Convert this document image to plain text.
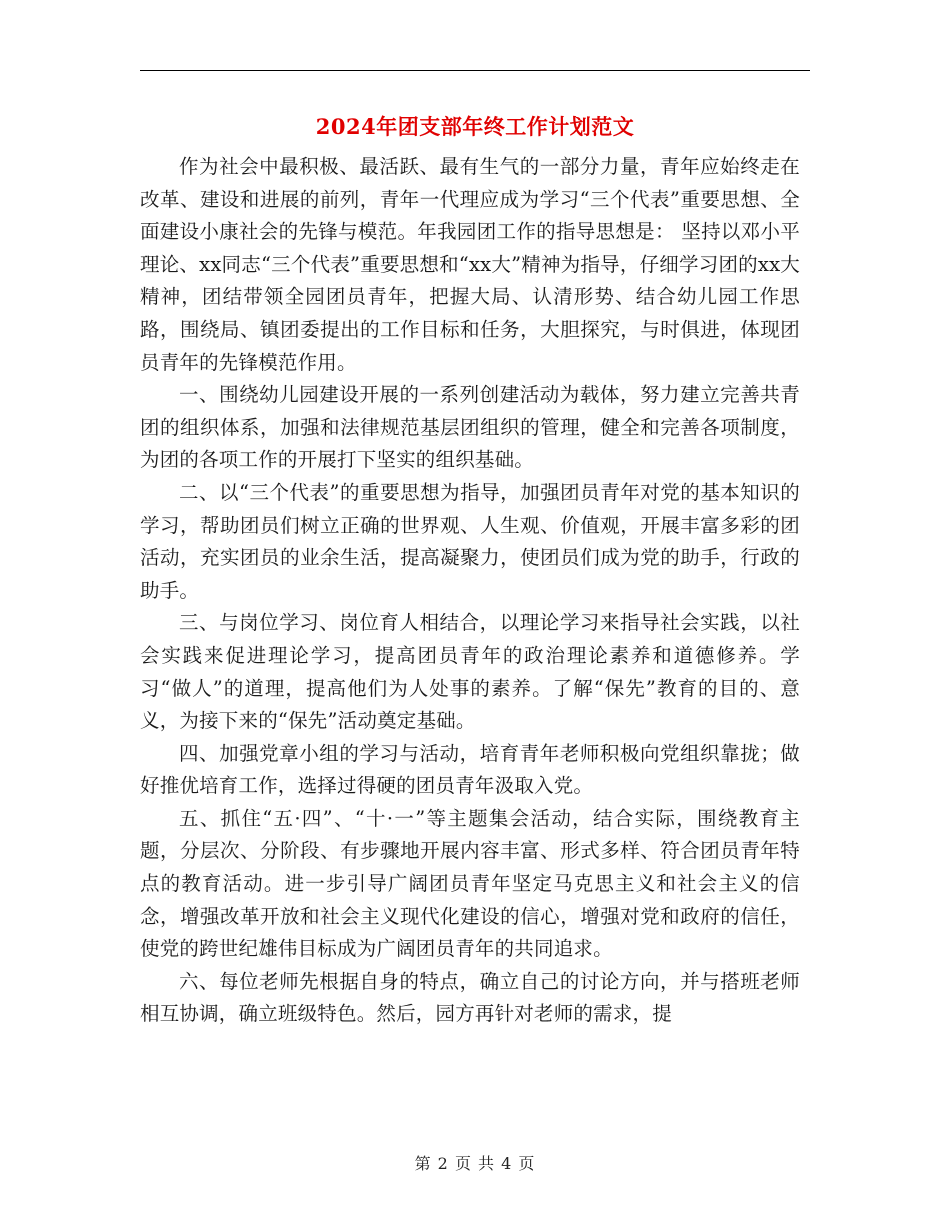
2024年团支部年终工作计划范文

作为社会中最积极、最活跃、最有生气的一部分力量，青年应始终走在改革、建设和进展的前列，青年一代理应成为学习“三个代表”重要思想、全面建设小康社会的先锋与模范。年我园团工作的指导思想是： 坚持以邓小平理论、xx同志“三个代表”重要思想和“xx大”精神为指导，仔细学习团的xx大精神，团结带领全园团员青年，把握大局、认清形势、结合幼儿园工作思路，围绕局、镇团委提出的工作目标和任务，大胆探究，与时俱进，体现团员青年的先锋模范作用。

一、围绕幼儿园建设开展的一系列创建活动为载体，努力建立完善共青团的组织体系，加强和法律规范基层团组织的管理，健全和完善各项制度，为团的各项工作的开展打下坚实的组织基础。

二、以“三个代表”的重要思想为指导，加强团员青年对党的基本知识的学习，帮助团员们树立正确的世界观、人生观、价值观，开展丰富多彩的团活动，充实团员的业余生活，提高凝聚力，使团员们成为党的助手，行政的助手。

三、与岗位学习、岗位育人相结合，以理论学习来指导社会实践，以社会实践来促进理论学习，提高团员青年的政治理论素养和道德修养。学习“做人”的道理，提高他们为人处事的素养。了解“保先”教育的目的、意义，为接下来的“保先”活动奠定基础。

四、加强党章小组的学习与活动，培育青年老师积极向党组织靠拢；做好推优培育工作，选择过得硬的团员青年汲取入党。

五、抓住“五·四”、“十·一”等主题集会活动，结合实际，围绕教育主题，分层次、分阶段、有步骤地开展内容丰富、形式多样、符合团员青年特点的教育活动。进一步引导广阔团员青年坚定马克思主义和社会主义的信念，增强改革开放和社会主义现代化建设的信心，增强对党和政府的信任，使党的跨世纪雄伟目标成为广阔团员青年的共同追求。

六、每位老师先根据自身的特点，确立自己的讨论方向，并与搭班老师相互协调，确立班级特色。然后，园方再针对老师的需求，提

第 2 页 共 4 页
